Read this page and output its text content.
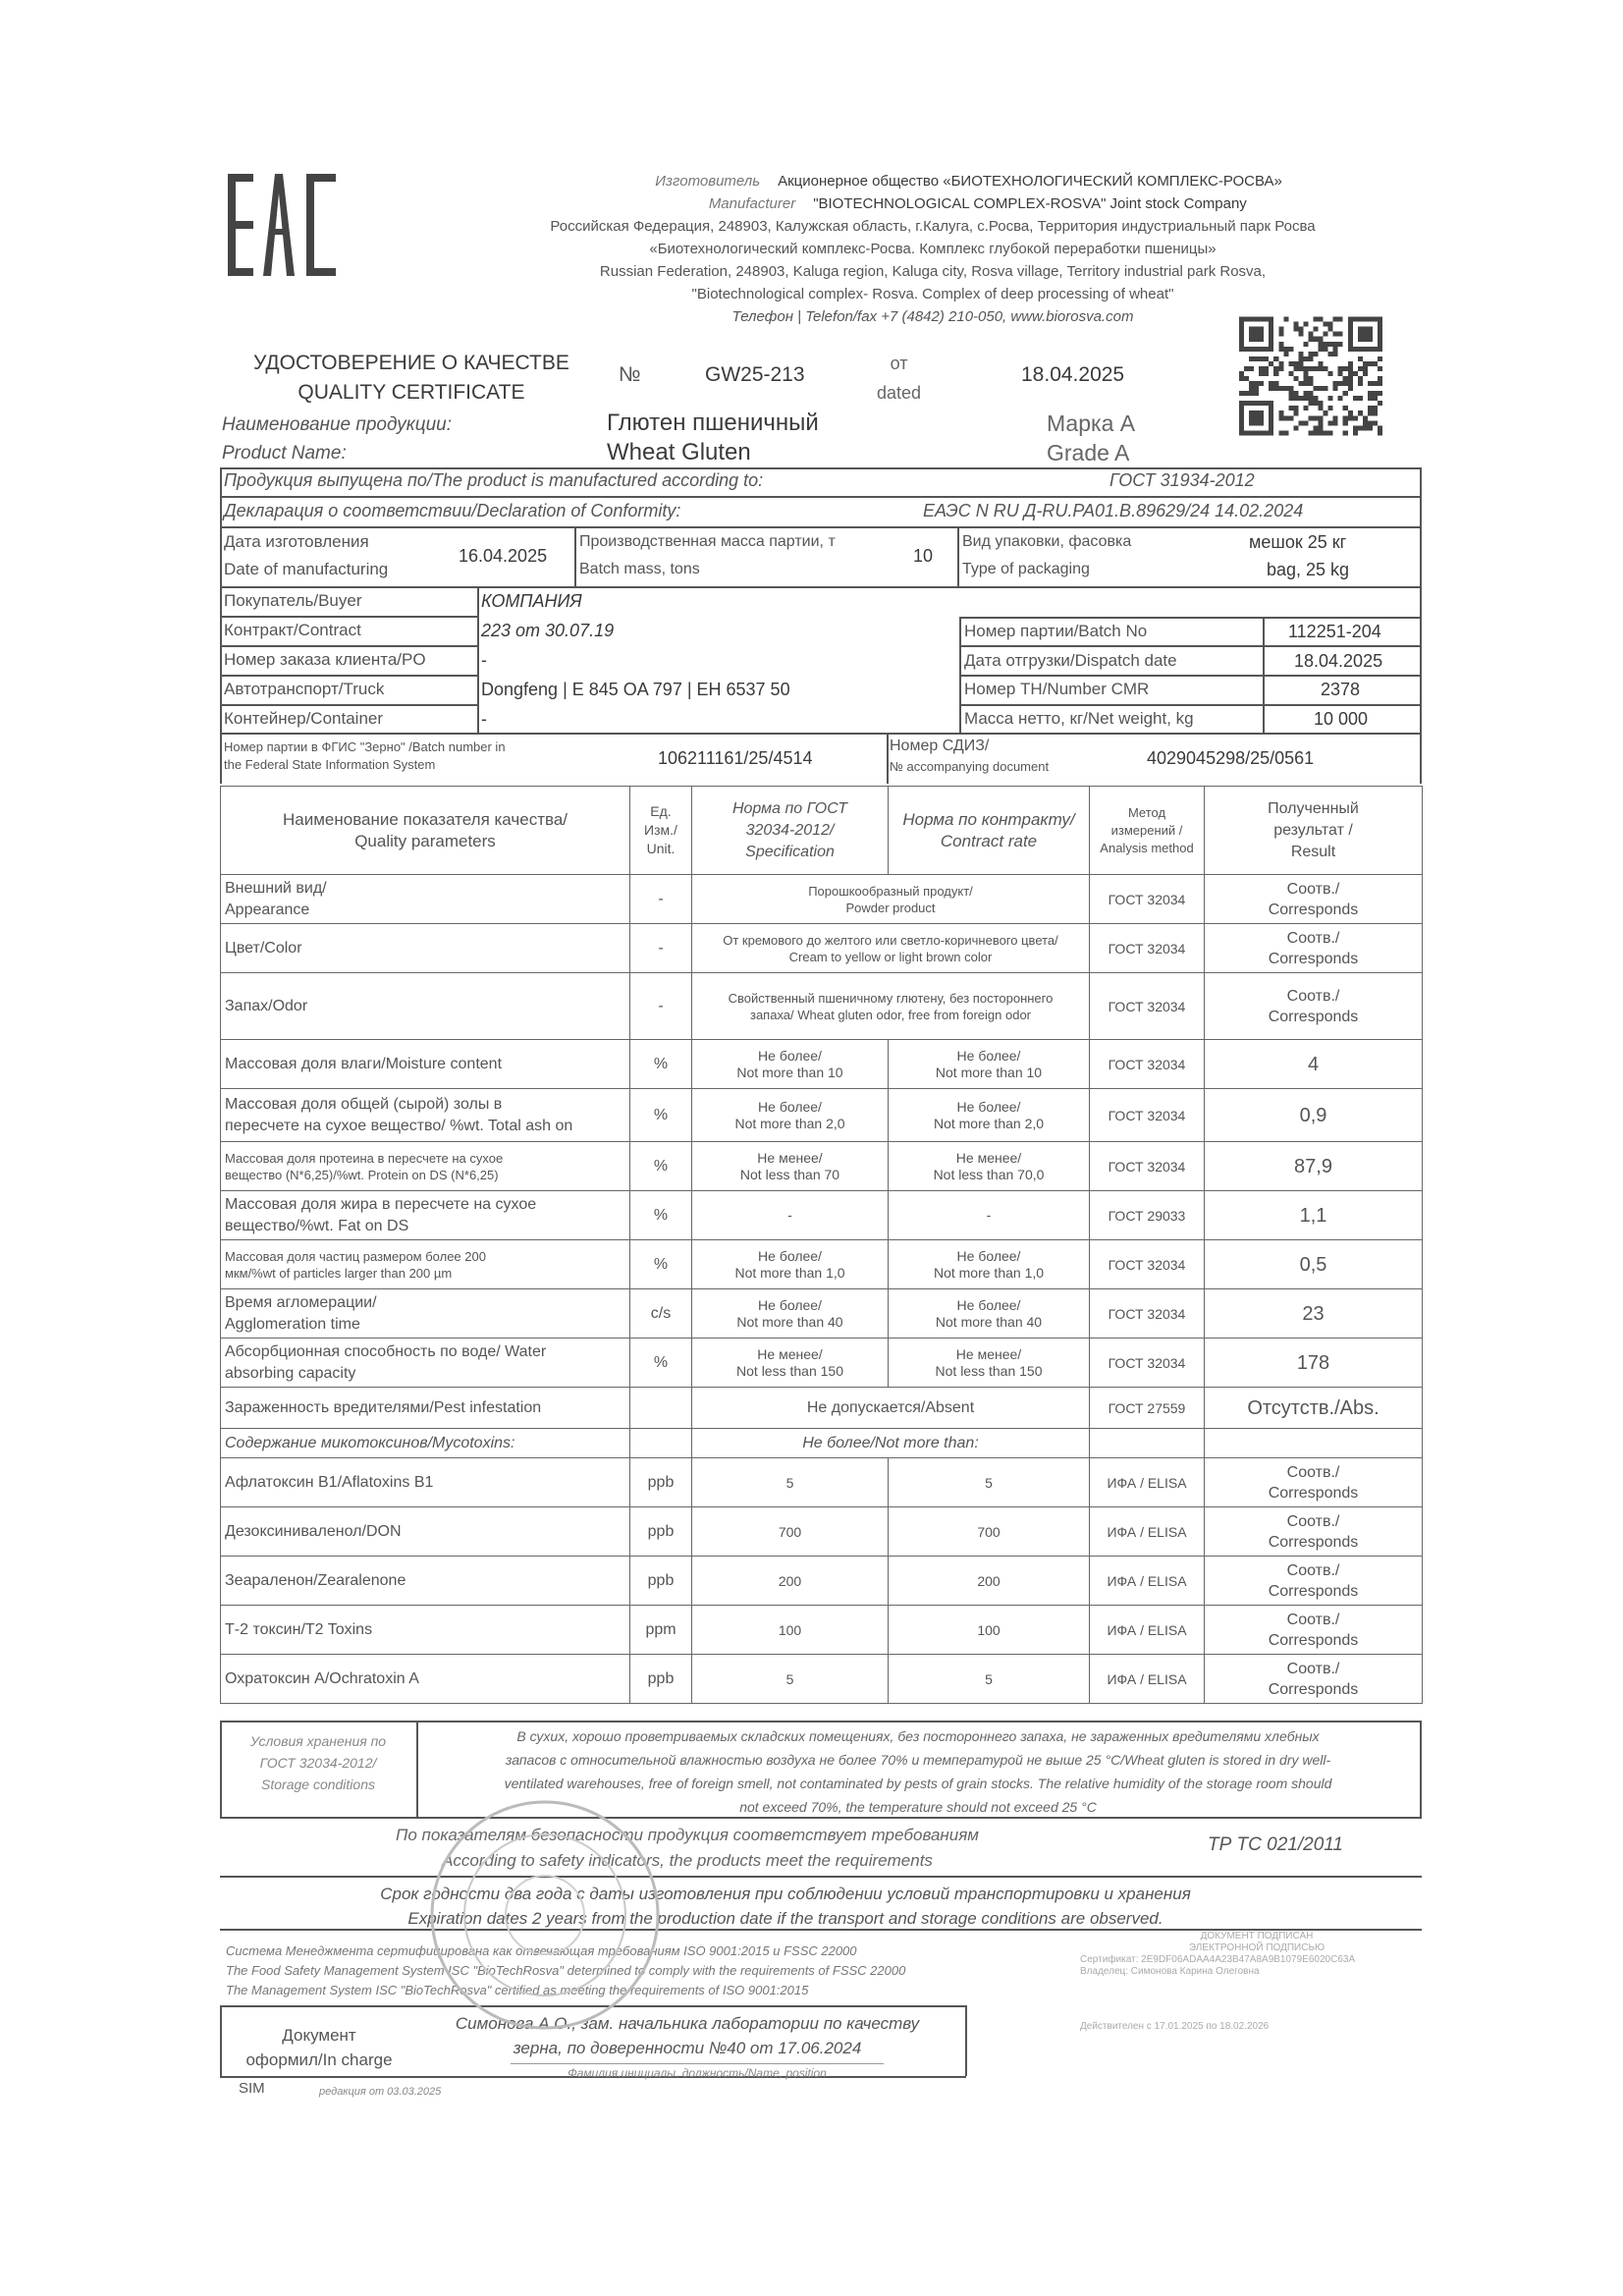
Изготовитель Акционерное общество «БИОТЕХНОЛОГИЧЕСКИЙ КОМПЛЕКС-РОСВА»
Manufacturer "BIOTECHNOLOGICAL COMPLEX-ROSVA" Joint stock Company
Российская Федерация, 248903, Калужская область, г.Калуга, с.Росва, Территория индустриальный парк Росва
«Биотехнологический комплекс-Росва. Комплекс глубокой переработки пшеницы»
Russian Federation, 248903, Kaluga region, Kaluga city, Rosva village, Territory industrial park Rosva,
"Biotechnological complex- Rosva. Complex of deep processing of wheat"
Телефон | Telefon/fax +7 (4842) 210-050, www.biorosva.com
УДОСТОВЕРЕНИЕ О КАЧЕСТВЕ
QUALITY CERTIFICATE
№	GW25-213	от
dated
18.04.2025
Наименование продукции:
Product Name:
Глютен пшеничный
Wheat Gluten
Марка А
Grade A
Продукция выпущена по/The product is manufactured according to:	ГОСТ 31934-2012
Декларация о соответствии/Declaration of Conformity:	ЕАЭС N RU Д-RU.PA01.B.89629/24 14.02.2024
Дата изготовления
Date of manufacturing
16.04.2025
Производственная масса партии, т
Batch mass, tons
10
Вид упаковки, фасовка
Type of packaging
мешок 25 кг
bag, 25 kg
Покупатель/Buyer	КОМПАНИЯ
Контракт/Contract	223 от 30.07.19
Номер заказа клиента/PO	-
Автотранспорт/Truck	Dongfeng | E 845 OA 797 | EH 6537 50
Контейнер/Container	-
Номер партии/Batch No	112251-204
Дата отгрузки/Dispatch date	18.04.2025
Номер ТН/Number CMR	2378
Масса нетто, кг/Net weight, kg	10 000
Номер партии в ФГИС "Зерно" /Batch number in
the Federal State Information System	106211161/25/4514
Номер СДИЗ/
№ accompanying document	4029045298/25/0561
Наименование показателя качества/
Quality parameters	Ед.
Изм./
Unit.	Норма по ГОСТ
32034-2012/
Specification	Норма по контракту/
Contract rate	Метод
измерений /
Analysis method	Полученный
результат /
Result
Внешний вид/
Appearance	-	Порошкообразный продукт/
Powder product		ГОСТ 32034	Соотв./
Corresponds
Цвет/Color	-	От кремового до желтого или светло-коричневого цвета/
Cream to yellow or light brown color		ГОСТ 32034	Соотв./
Corresponds
Запах/Odor	-	Свойственный пшеничному глютену, без постороннего
запаха/ Wheat gluten odor, free from foreign odor		ГОСТ 32034	Соотв./
Corresponds
Массовая доля влаги/Moisture content	%	Не более/
Not more than 10	Не более/
Not more than 10	ГОСТ 32034	4
Массовая доля общей (сырой) золы в
пересчете на сухое вещество/ %wt. Total ash on	%	Не более/
Not more than 2,0	Не более/
Not more than 2,0	ГОСТ 32034	0,9
Массовая доля протеина в пересчете на сухое
вещество (N*6,25)/%wt. Protein on DS (N*6,25)	%	Не менее/
Not less than 70	Не менее/
Not less than 70,0	ГОСТ 32034	87,9
Массовая доля жира в пересчете на сухое
вещество/%wt. Fat on DS	%	-	-	ГОСТ 29033	1,1
Массовая доля частиц размером более 200
мкм/%wt of particles larger than 200 µm	%	Не более/
Not more than 1,0	Не более/
Not more than 1,0	ГОСТ 32034	0,5
Время агломерации/
Agglomeration time	c/s	Не более/
Not more than 40	Не более/
Not more than 40	ГОСТ 32034	23
Абсорбционная способность по воде/ Water
absorbing capacity	%	Не менее/
Not less than 150	Не менее/
Not less than 150	ГОСТ 32034	178
Зараженность вредителями/Pest infestation		Не допускается/Absent		ГОСТ 27559	Отсутств./Abs.
Содержание микотоксинов/Mycotoxins:		Не более/Not more than:			
Афлатоксин B1/Aflatoxins B1	ppb	5	5	ИФА / ELISA	Соотв./
Corresponds
Дезоксиниваленол/DON	ppb	700	700	ИФА / ELISA	Соотв./
Corresponds
Зеараленон/Zearalenone	ppb	200	200	ИФА / ELISA	Соотв./
Corresponds
Т-2 токсин/T2 Toxins	ppm	100	100	ИФА / ELISA	Соотв./
Corresponds
Охратоксин А/Ochratoxin A	ppb	5	5	ИФА / ELISA	Соотв./
Corresponds
Условия хранения по
ГОСТ 32034-2012/
Storage conditions
В сухих, хорошо проветриваемых складских помещениях, без постороннего запаха, не зараженных вредителями хлебных
запасов с относительной влажностью воздуха не более 70% и температурой не выше 25 °C/Wheat gluten is stored in dry well-
ventilated warehouses, free of foreign smell, not contaminated by pests of grain stocks. The relative humidity of the storage room should
not exceed 70%, the temperature should not exceed 25 °C
По показателям безопасности продукция соответствует требованиям
According to safety indicators, the products meet the requirements
ТР ТС 021/2011
Срок годности два года с даты изготовления при соблюдении условий транспортировки и хранения
Expiration dates 2 years from the production date if the transport and storage conditions are observed.
Система Менеджмента сертифицирована как отвечающая требованиям ISO 9001:2015 и FSSC 22000
The Food Safety Management System ISC "BioTechRosva" determined to comply with the requirements of FSSC 22000
The Management System ISC "BioTechRosva" certified as meeting the requirements of ISO 9001:2015
ДОКУМЕНТ ПОДПИСАН
ЭЛЕКТРОННОЙ ПОДПИСЬЮ
Сертификат: 2E9DF06ADAA4A23B47A8A9B1079E6020C63A
Владелец: Симонова Карина Олеговна
Действителен с 17.01.2025 по 18.02.2026
Документ
оформил/In charge
Симонова А.О., зам. начальника лаборатории по качеству
зерна, по доверенности №40 от 17.06.2024
Фамилия,инициалы, должность/Name, position
SIM	редакция от 03.03.2025
